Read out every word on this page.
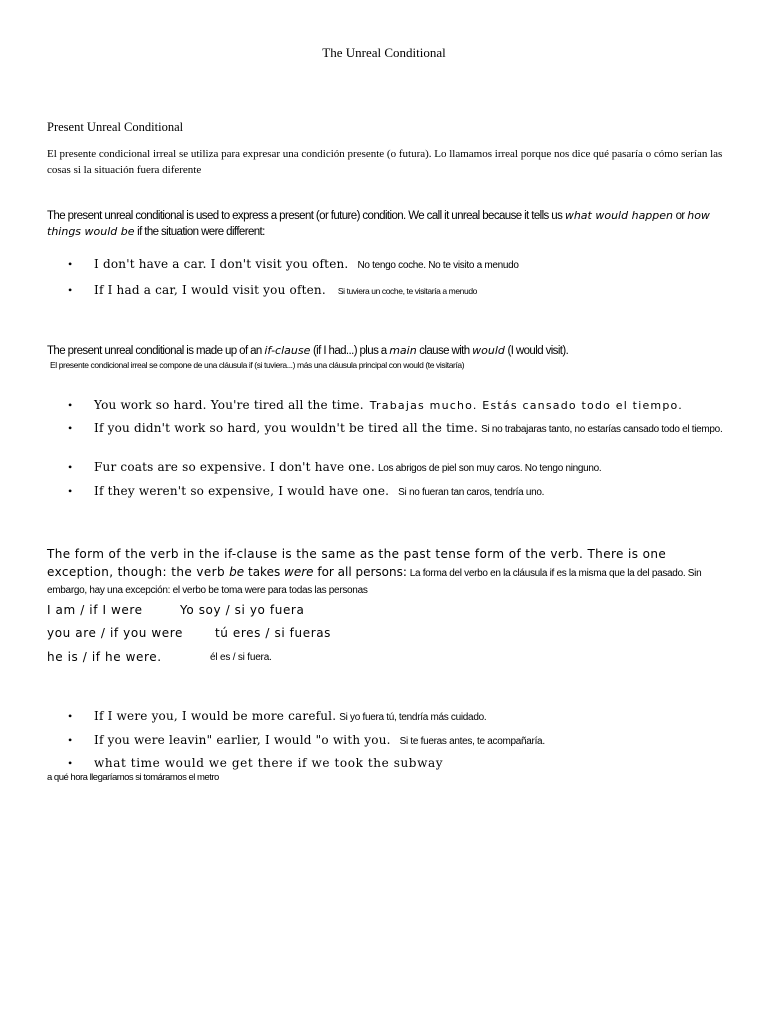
The Unreal Conditional
Present Unreal Conditional
El presente condicional irreal se utiliza para expresar una condición presente (o futura). Lo llamamos irreal porque nos dice qué pasaría o cómo serían las cosas si la situación fuera diferente
The present unreal conditional is used to express a present (or future) condition. We call it unreal because it tells us what would happen or how things would be if the situation were different:
• I don't have a car. I don't visit you often. No tengo coche. No te visito a menudo
• If I had a car, I would visit you often. Si tuviera un coche, te visitaría a menudo
The present unreal conditional is made up of an if-clause (if I had...) plus a main clause with would (I would visit).
El presente condicional irreal se compone de una cláusula if (si tuviera...) más una cláusula principal con would (te visitaría)
• You work so hard. You're tired all the time. Trabajas mucho. Estás cansado todo el tiempo.
• If you didn't work so hard, you wouldn't be tired all the time. Si no trabajaras tanto, no estarías cansado todo el tiempo.
• Fur coats are so expensive. I don't have one. Los abrigos de piel son muy caros. No tengo ninguno.
• If they weren't so expensive, I would have one. Si no fueran tan caros, tendría uno.
The form of the verb in the if-clause is the same as the past tense form of the verb. There is one exception, though: the verb be takes were for all persons: La forma del verbo en la cláusula if es la misma que la del pasado. Sin embargo, hay una excepción: el verbo be toma were para todas las personas
I am / if I were	Yo soy / si yo fuera
you are / if you were	tú eres / si fueras
he is / if he were.	él es / si fuera.
• If I were you, I would be more careful. Si yo fuera tú, tendría más cuidado.
• If you were leavin" earlier, I would "o with you. Si te fueras antes, te acompañaría.
• what time would we get there if we took the subway
a qué hora llegaríamos si tomáramos el metro
